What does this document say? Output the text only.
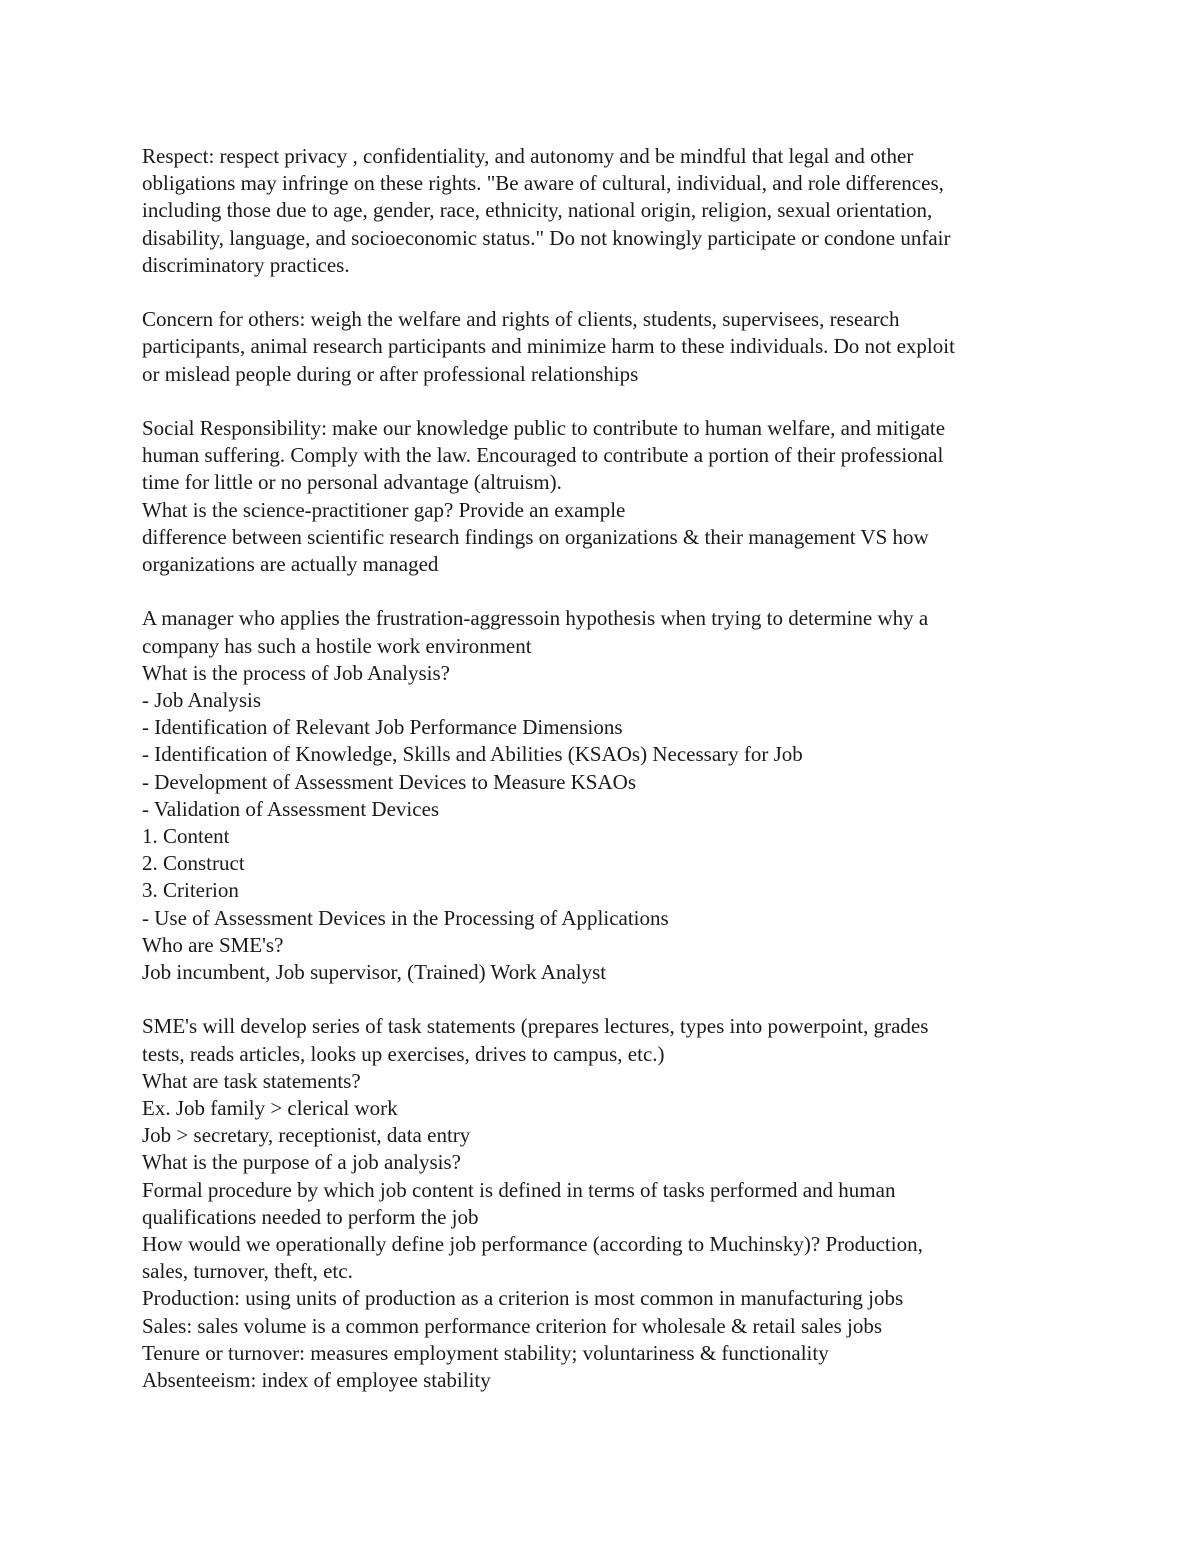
Respect: respect privacy , confidentiality, and autonomy and be mindful that legal and other

obligations may infringe on these rights. "Be aware of cultural, individual, and role differences,

including those due to age, gender, race, ethnicity, national origin, religion, sexual orientation,

disability, language, and socioeconomic status." Do not knowingly participate or condone unfair

discriminatory practices.

Concern for others: weigh the welfare and rights of clients, students, supervisees, research

participants, animal research participants and minimize harm to these individuals. Do not exploit

or mislead people during or after professional relationships

Social Responsibility: make our knowledge public to contribute to human welfare, and mitigate

human suffering. Comply with the law. Encouraged to contribute a portion of their professional

time for little or no personal advantage (altruism).

What is the science-practitioner gap? Provide an example

difference between scientific research findings on organizations & their management VS how

organizations are actually managed

A manager who applies the frustration-aggressoin hypothesis when trying to determine why a

company has such a hostile work environment

What is the process of Job Analysis?

- Job Analysis

- Identification of Relevant Job Performance Dimensions

- Identification of Knowledge, Skills and Abilities (KSAOs) Necessary for Job

- Development of Assessment Devices to Measure KSAOs

- Validation of Assessment Devices

1. Content

2. Construct

3. Criterion

- Use of Assessment Devices in the Processing of Applications

Who are SME's?

Job incumbent, Job supervisor, (Trained) Work Analyst

SME's will develop series of task statements (prepares lectures, types into powerpoint, grades

tests, reads articles, looks up exercises, drives to campus, etc.)

What are task statements?

Ex. Job family > clerical work

Job > secretary, receptionist, data entry

What is the purpose of a job analysis?

Formal procedure by which job content is defined in terms of tasks performed and human

qualifications needed to perform the job

How would we operationally define job performance (according to Muchinsky)? Production,

sales, turnover, theft, etc.

Production: using units of production as a criterion is most common in manufacturing jobs

Sales: sales volume is a common performance criterion for wholesale & retail sales jobs

Tenure or turnover: measures employment stability; voluntariness & functionality

Absenteeism: index of employee stability
